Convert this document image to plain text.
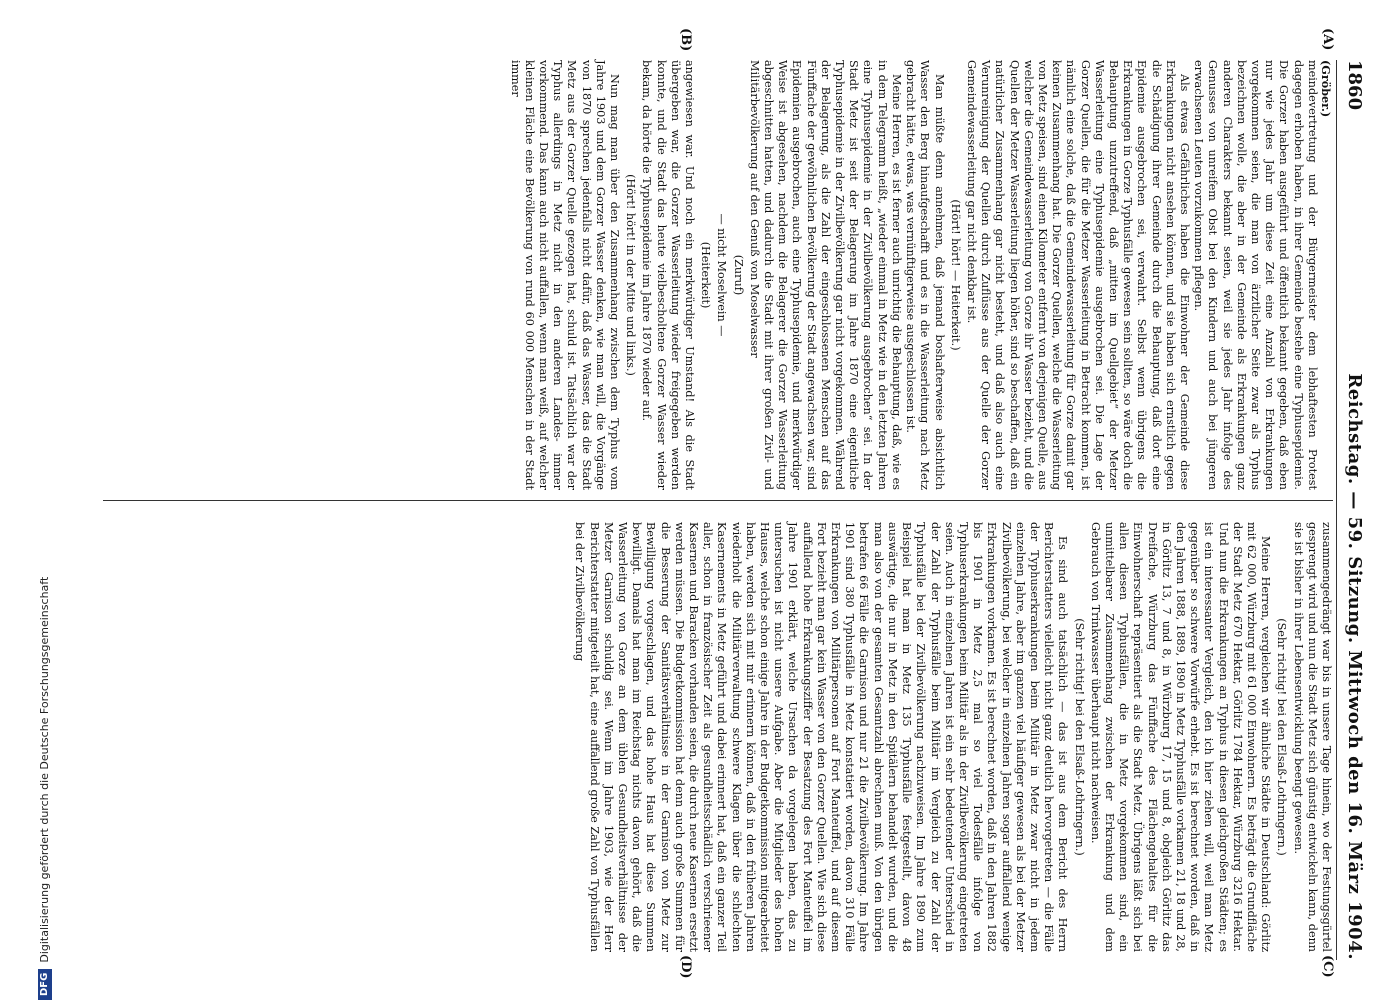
1860
Reichstag. — 59. Sitzung. Mittwoch den 16. März 1904.
(A)
(B)
(C)
(D)

(Gröber.)

meindevertretung und der Bürgermeister dem lebhaftesten Protest dagegen erhoben haben, in ihrer Gemeinde bestehe eine Typhusepidemie. Die Gorzer haben ausgeführt und öffentlich bekannt gegeben, daß eben nur wie jedes Jahr um diese Zeit eine Anzahl von Erkrankungen vorgekommen seien, die man von ärztlicher Seite zwar als Typhus bezeichnen wolle, die aber in der Gemeinde als Erkrankungen ganz anderen Charakters bekannt seien, weil sie jedes Jahr infolge des Genusses von unreifem Obst bei den Kindern und auch bei jüngeren erwachsenen Leuten vorzukommen pflegen.

Als etwas Gefährliches haben die Einwohner der Gemeinde diese Erkrankungen nicht ansehen können, und sie haben sich ernstlich gegen die Schädigung ihrer Gemeinde durch die Behauptung, daß dort eine Epidemie ausgebrochen sei, verwahrt. Selbst wenn übrigens die Erkrankungen in Gorze Typhusfälle gewesen sein sollten, so wäre doch die Behauptung unzutreffend, daß „mitten im Quellgebiet“ der Metzer Wasserleitung eine Typhusepidemie ausgebrochen sei. Die Lage der Gorzer Quellen, die für die Metzer Wasserleitung in Betracht kommen, ist nämlich eine solche, daß die Gemeindewasserleitung für Gorze damit gar keinen Zusammenhang hat. Die Gorzer Quellen, welche die Wasserleitung von Metz speisen, sind einen Kilometer entfernt von derjenigen Quelle, aus welcher die Gemeindewasserleitung von Gorze ihr Wasser bezieht, und die Quellen der Metzer Wasserleitung liegen höher, sind so beschaffen, daß ein natürlicher Zusammenhang gar nicht besteht, und daß also auch eine Verunreinigung der Quellen durch Zuflüsse aus der Quelle der Gorzer Gemeindewasserleitung gar nicht denkbar ist.

(Hört! hört! — Heiterkeit.)

Man müßte denn annehmen, daß jemand boshafterweise absichtlich Wasser den Berg hinaufgeschafft und es in die Wasserleitung nach Metz gebracht hätte, etwas, was vernünftigerweise ausgeschlossen ist.

Meine Herren, es ist ferner auch unrichtig die Behauptung, daß, wie es in dem Telegramm heißt, „wieder einmal in Metz wie in den letzten Jahren eine Typhusepidemie in der Zivilbevölkerung ausgebrochen“ sei. In der Stadt Metz ist seit der Belagerung im Jahre 1870 eine eigentliche Typhusepidemie in der Zivilbevölkerung gar nicht vorgekommen. Während der Belagerung, als die Zahl der eingeschlossenen Menschen auf das Fünffache der gewöhnlichen Bevölkerung der Stadt angewachsen war, sind Epidemien ausgebrochen, auch eine Typhusepidemie, und merkwürdiger Weise ist abgesehen, nachdem die Belagerer die Gorzer Wasserleitung abgeschnitten hatten, und dadurch die Stadt mit ihrer großen Zivil- und Militärbevölkerung auf den Genuß von Moselwasser

(Zuruf)

— nicht Moselwein —

(Heiterkeit)

angewiesen war. Und noch ein merkwürdiger Umstand! Als die Stadt übergeben war, die Gorzer Wasserleitung wieder freigegeben werden konnte, und die Stadt das heute vielbescholtene Gorzer Wasser wieder bekam, da hörte die Typhusepidemie im Jahre 1870 wieder auf.

(Hört! hört! in der Mitte und links.)

Nun mag man über den Zusammenhang zwischen dem Typhus vom Jahre 1903 und dem Gorzer Wasser denken, wie man will, die Vorgänge von 1870 sprechen jedenfalls nicht dafür, daß das Wasser, das die Stadt Metz aus der Gorzer Quelle gezogen hat, schuld ist. Tatsächlich war der Typhus allerdings in Metz nicht in den anderen Landes- immer vorkommend. Das kann auch nicht auffallen, wenn man weiß, auf welcher kleinen Fläche eine Bevölkerung von rund 60 000 Menschen in der Stadt immer

zusammengedrängt war bis in unsere Tage hinein, wo der Festungsgürtel gesprengt wird und nun die Stadt Metz sich günstig entwickeln kann, denn sie ist bisher in ihrer Lebensentwicklung beengt gewesen.

(Sehr richtig! bei den Elsaß-Lothringern.)

Meine Herren, vergleichen wir ähnliche Städte in Deutschland: Görlitz mit 62 000, Würzburg mit 61 000 Einwohnern. Es beträgt die Grundfläche der Stadt Metz 670 Hektar, Görlitz 1784 Hektar, Würzburg 3216 Hektar. Und nun die Erkrankungen an Typhus in diesen gleichgroßen Städten; es ist ein interessanter Vergleich, den ich hier ziehen will, weil man Metz gegenüber so schwere Vorwürfe erhebt. Es ist berechnet worden, daß in den Jahren 1888, 1889, 1890 in Metz Typhusfälle vorkamen 21, 18 und 28, in Görlitz 13, 7 und 8, in Würzburg 17, 15 und 8, obgleich Görlitz das Dreifache, Würzburg das Fünffache des Flächengehaltes für die Einwohnerschaft repräsentiert als die Stadt Metz. Übrigens läßt sich bei allen diesen Typhusfällen, die in Metz vorgekommen sind, ein unmittelbarer Zusammenhang zwischen der Erkrankung und dem Gebrauch von Trinkwasser überhaupt nicht nachweisen.

(Sehr richtig! bei den Elsaß-Lothringern.)

Es sind auch tatsächlich — das ist aus dem Bericht des Herrn Berichterstatters vielleicht nicht ganz deutlich hervorgetreten — die Fälle der Typhuserkrankungen beim Militär in Metz zwar nicht in jedem einzelnen Jahre, aber im ganzen viel häufiger gewesen als bei der Metzer Zivilbevölkerung, bei welcher in einzelnen Jahren sogar auffallend wenige Erkrankungen vorkamen. Es ist berechnet worden, daß in den Jahren 1882 bis 1901 in Metz 2,5 mal so viel Todesfälle infolge von Typhuserkrankungen beim Militär als in der Zivilbevölkerung eingetreten seien. Auch in einzelnen Jahren ist ein sehr bedeutender Unterschied in der Zahl der Typhusfälle beim Militär im Vergleich zu der Zahl der Typhusfälle bei der Zivilbevölkerung nachzuweisen. Im Jahre 1890 zum Beispiel hat man in Metz 135 Typhusfälle festgestellt, davon 48 auswärtige, die nur in Metz in den Spitälern behandelt wurden, und die man also von der gesamten Gesamtzahl abrechnen muß. Von den übrigen betrafen 66 Fälle die Garnison und nur 21 die Zivilbevölkerung. Im Jahre 1901 sind 380 Typhusfälle in Metz konstatiert worden, davon 310 Fälle Erkrankungen von Militärpersonen auf Fort Manteuffel, und auf diesem Fort bezieht man gar kein Wasser von den Gorzer Quellen. Wie sich diese auffallend hohe Erkrankungsziffer der Besatzung des Fort Manteuffel im Jahre 1901 erklärt, welche Ursachen da vorgelegen haben, das zu untersuchen ist nicht unsere Aufgabe. Aber die Mitglieder des hohen Hauses, welche schon einige Jahre in der Budgetkommission mitgearbeitet haben, werden sich mit mir erinnern können, daß in den früheren Jahren wiederholt die Militärverwaltung schwere Klagen über die schlechten Kasernements in Metz geführt und dabei erinnert hat, daß ein ganzer Teil aller, schon in französischer Zeit als gesundheitsschädlich verschrieener Kasernen und Baracken vorhanden seien, die durch neue Kasernen ersetzt werden müssen. Die Budgetkommission hat denn auch große Summen für die Besserung der Sanitätsverhältnisse in der Garnison von Metz zur Bewilligung vorgeschlagen, und das hohe Haus hat diese Summen bewilligt. Damals hat man im Reichstag nichts davon gehört, daß die Wasserleitung von Gorze an dem üblen Gesundheitsverhältnisse der Metzer Garnison schuldig sei. Wenn im Jahre 1903, wie der Herr Berichterstatter mitgeteilt hat, eine auffallend große Zahl von Typhusfällen bei der Zivilbevölkerung

DFGDigitalisierung gefördert durch die Deutsche Forschungsgemeinschaft
